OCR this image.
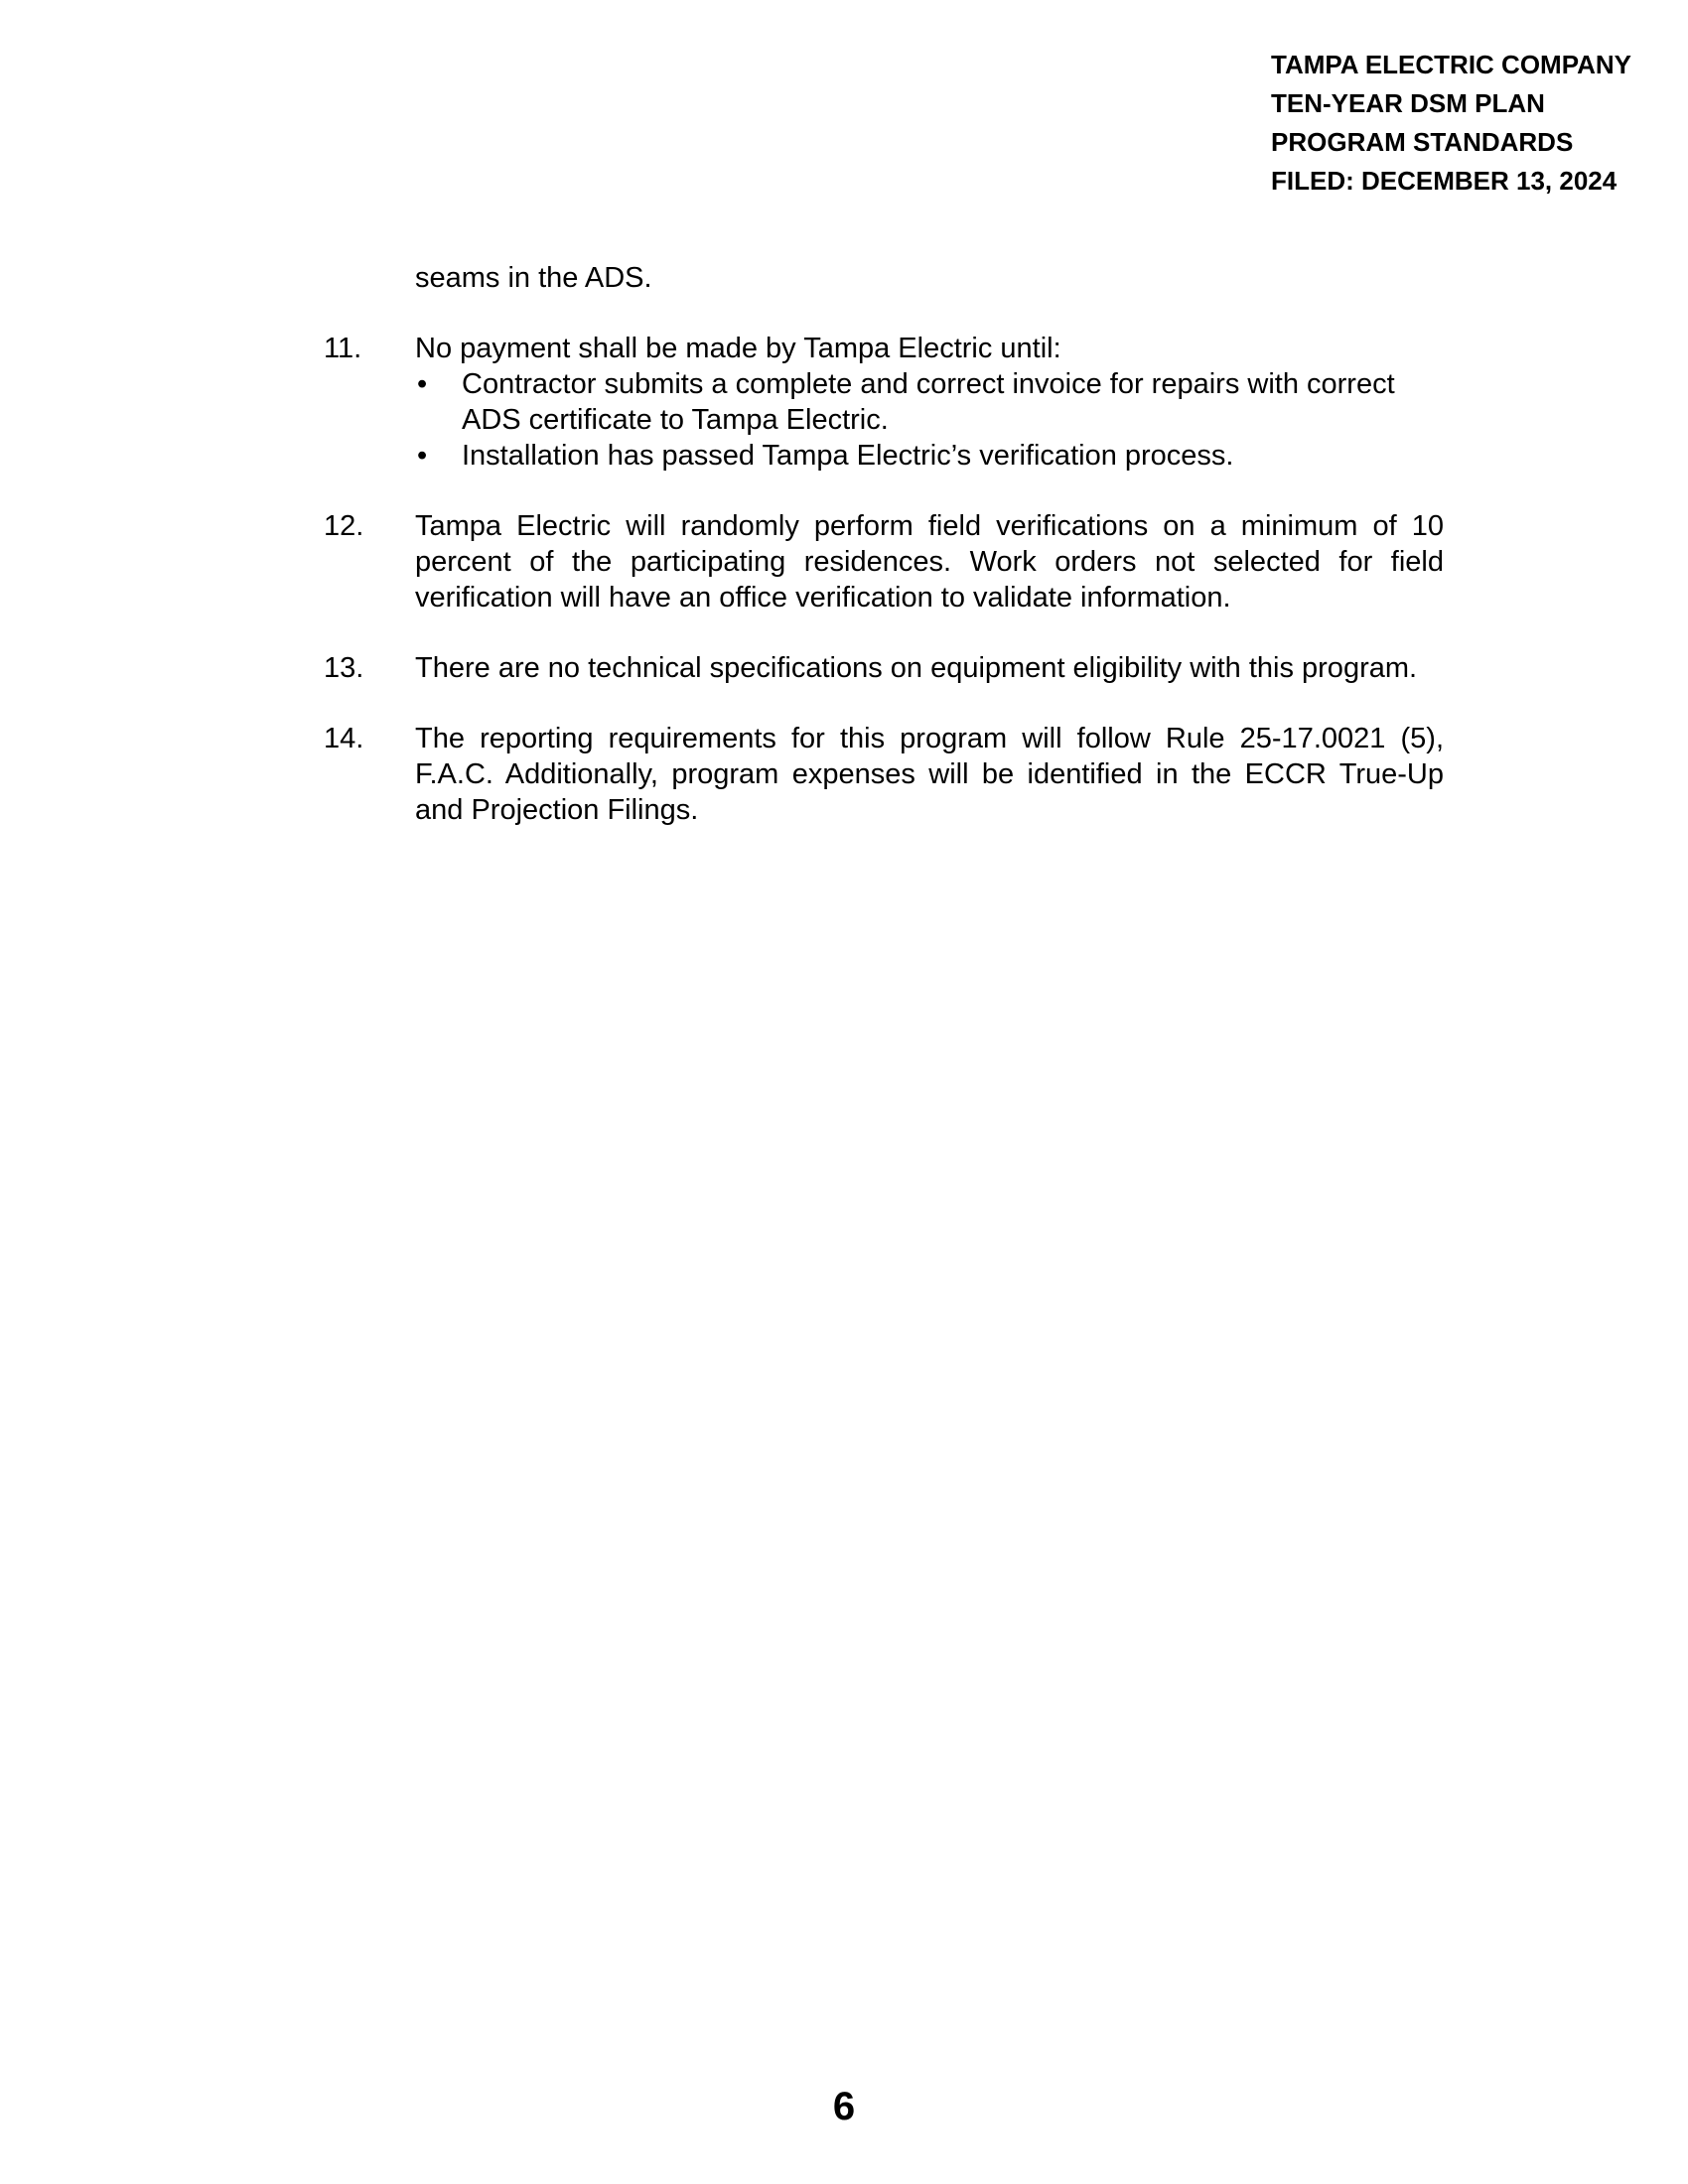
TAMPA ELECTRIC COMPANY
TEN-YEAR DSM PLAN
PROGRAM STANDARDS
FILED: DECEMBER 13, 2024
seams in the ADS.
11. No payment shall be made by Tampa Electric until:
• Contractor submits a complete and correct invoice for repairs with correct ADS certificate to Tampa Electric.
• Installation has passed Tampa Electric’s verification process.
12. Tampa Electric will randomly perform field verifications on a minimum of 10 percent of the participating residences. Work orders not selected for field verification will have an office verification to validate information.
13. There are no technical specifications on equipment eligibility with this program.
14. The reporting requirements for this program will follow Rule 25-17.0021 (5), F.A.C. Additionally, program expenses will be identified in the ECCR True-Up and Projection Filings.
6
